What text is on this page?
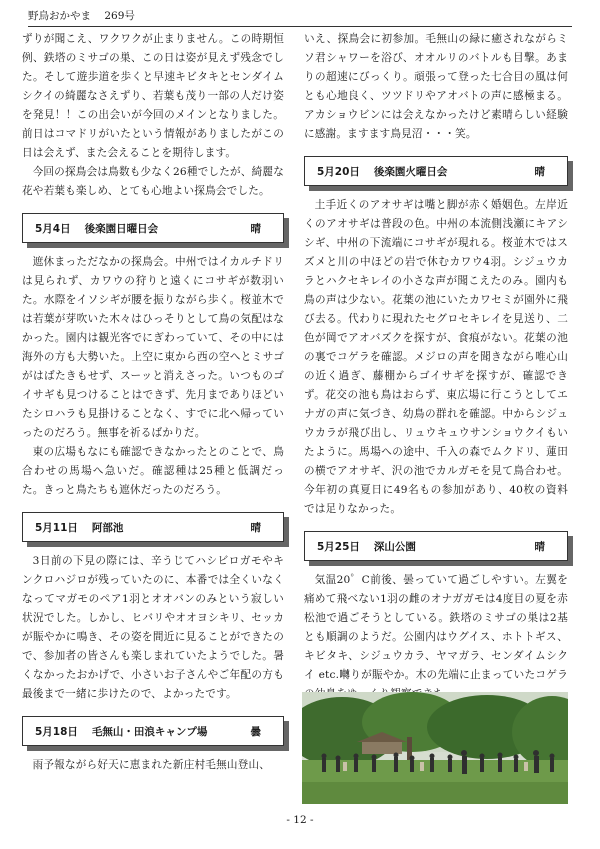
野鳥おかやま 269号

ずりが聞こえ、ワクワクが止まりません。この時期恒例、鉄塔のミサゴの巣、この日は姿が見えず残念でした。そして遊歩道を歩くと早速キビタキとセンダイムシクイの綺麗なさえずり、若葉も茂り一部の人だけ姿を発見！！この出会いが今回のメインとなりました。前日はコマドリがいたという情報がありましたがこの日は会えず、また会えることを期待します。

今回の探鳥会は鳥数も少なく26種でしたが、綺麗な花や若葉も楽しめ、とても心地よい探鳥会でした。

5月4日 後楽園日曜日会	晴

遮休まっただなかの探鳥会。中州ではイカルチドリは見られず、カワウの狩りと遠くにコサギが数羽いた。水際をイソシギが腰を振りながら歩く。桜並木では若葉が芽吹いた木々はひっそりとして鳥の気配はなかった。園内は観光客でにぎわっていて、その中には海外の方も大勢いた。上空に東から西の空へとミサゴがはばたきもせず、スーッと消えさった。いつものゴイサギも見つけることはできず、先月までありほどいたシロハラも見掛けることなく、すでに北へ帰っていったのだろう。無事を祈るばかりだ。

東の広場もなにも確認できなかったとのことで、鳥合わせの馬場へ急いだ。確認種は25種と低調だった。きっと鳥たちも遮休だったのだろう。

5月11日 阿部池	晴

3日前の下見の際には、辛うじてハシビロガモやキンクロハジロが残っていたのに、本番では全くいなくなってマガモのペア1羽とオオバンのみという寂しい状況でした。しかし、ヒバリやオオヨシキリ、セッカが賑やかに鳴き、その姿を間近に見ることができたので、参加者の皆さんも楽しまれていたようでした。暑くなかったおかげで、小さいお子さんやご年配の方も最後まで一緒に歩けたので、よかったです。

5月18日 毛無山・田浪キャンプ場	曇

雨予報ながら好天に恵まれた新庄村毛無山登山、

いえ、探鳥会に初参加。毛無山の緑に癒されながらミソ君シャワーを浴び、オオルリのバトルも目撃。あまりの超速にびっくり。頑張って登った七合目の風は何とも心地良く、ツツドリやアオバトの声に感極まる。アカショウビンには会えなかったけど素晴らしい経験に感謝。ますます鳥見沼・・・笑。

5月20日 後楽園火曜日会	晴

土手近くのアオサギは嘴と脚が赤く婚姻色。左岸近くのアオサギは普段の色。中州の本流側浅瀬にキアシシギ、中州の下流端にコサギが現れる。桜並木ではスズメと川の中ほどの岩で休むカワウ4羽。シジュウカラとハクセキレイの小さな声が聞こえたのみ。園内も鳥の声は少ない。花葉の池にいたカワセミが園外に飛び去る。代わりに現れたセグロセキレイを見送り、二色が岡でアオバズクを探すが、食痕がない。花葉の池の裏でコゲラを確認。メジロの声を聞きながら唯心山の近く過ぎ、藤棚からゴイサギを探すが、確認できず。花交の池も鳥はおらず、東広場に行こうとしてエナガの声に気づき、幼鳥の群れを確認。中からシジュウカラが飛び出し、リュウキュウサンショウクイもいたように。馬場への途中、千入の森でムクドリ、蓮田の横でアオサギ、沢の池でカルガモを見て鳥合わせ。今年初の真夏日に49名もの参加があり、40枚の資料では足りなかった。

5月25日 深山公園	晴

気温20゜C前後、曇っていて過ごしやすい。左翼を痛めて飛べない1羽の雌のオナガガモは4度目の夏を赤松池で過ごそうとしている。鉄塔のミサゴの巣は2基とも順調のようだ。公園内はウグイス、ホトトギス、キビタキ、シジュウカラ、ヤマガラ、センダイムシクイ etc.囀りが賑やか。木の先端に止まっていたコゲラ

- 12 -
